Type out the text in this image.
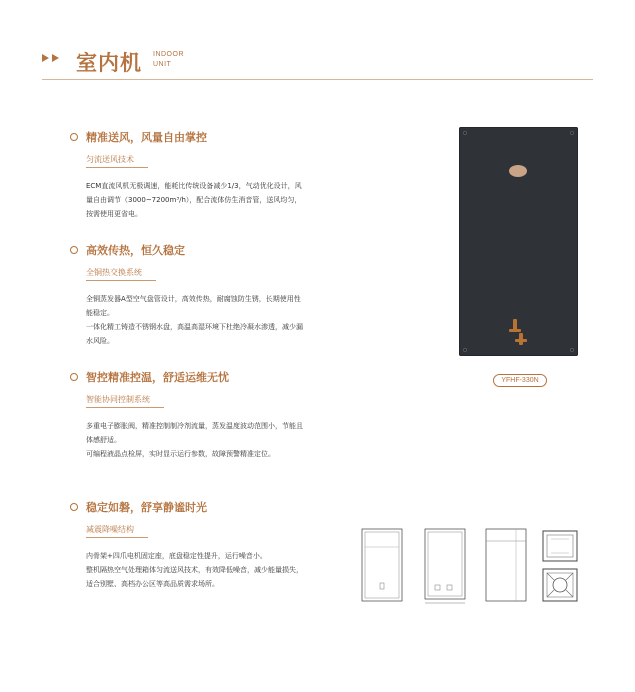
室内机 INDOOR
UNIT
精准送风，风量自由掌控
匀流送风技术

ECM直流风机无极调速，能耗比传统设备减少1/3，气动优化设计，风量自由调节（3000~7200m³/h），配合流体仿生消音管，送风均匀，按需使用更省电。

高效传热，恒久稳定
全铜热交换系统

全铜蒸发器A型空气盘管设计，高效传热，耐腐蚀防生锈，长期使用性能稳定。

一体化精工铸造不锈钢水盘，高温高湿环境下杜绝冷凝水渗透，减少漏水风险。

智控精准控温，舒适运维无忧
智能协同控制系统

多重电子膨胀阀，精准控制制冷剂流量，蒸发温度波动范围小，节能且体感舒适。

可编程液晶点检屏，实时显示运行参数，故障预警精准定位。

稳定如磐，舒享静谧时光
减震降噪结构

内骨架+四爪电机固定座，底盘稳定性提升，运行噪音小。

整机隔热空气处理箱体匀流送风技术，有效降低噪音，减少能量损失，适合别墅、高档办公区等高品质需求场所。

YFHF-330N
